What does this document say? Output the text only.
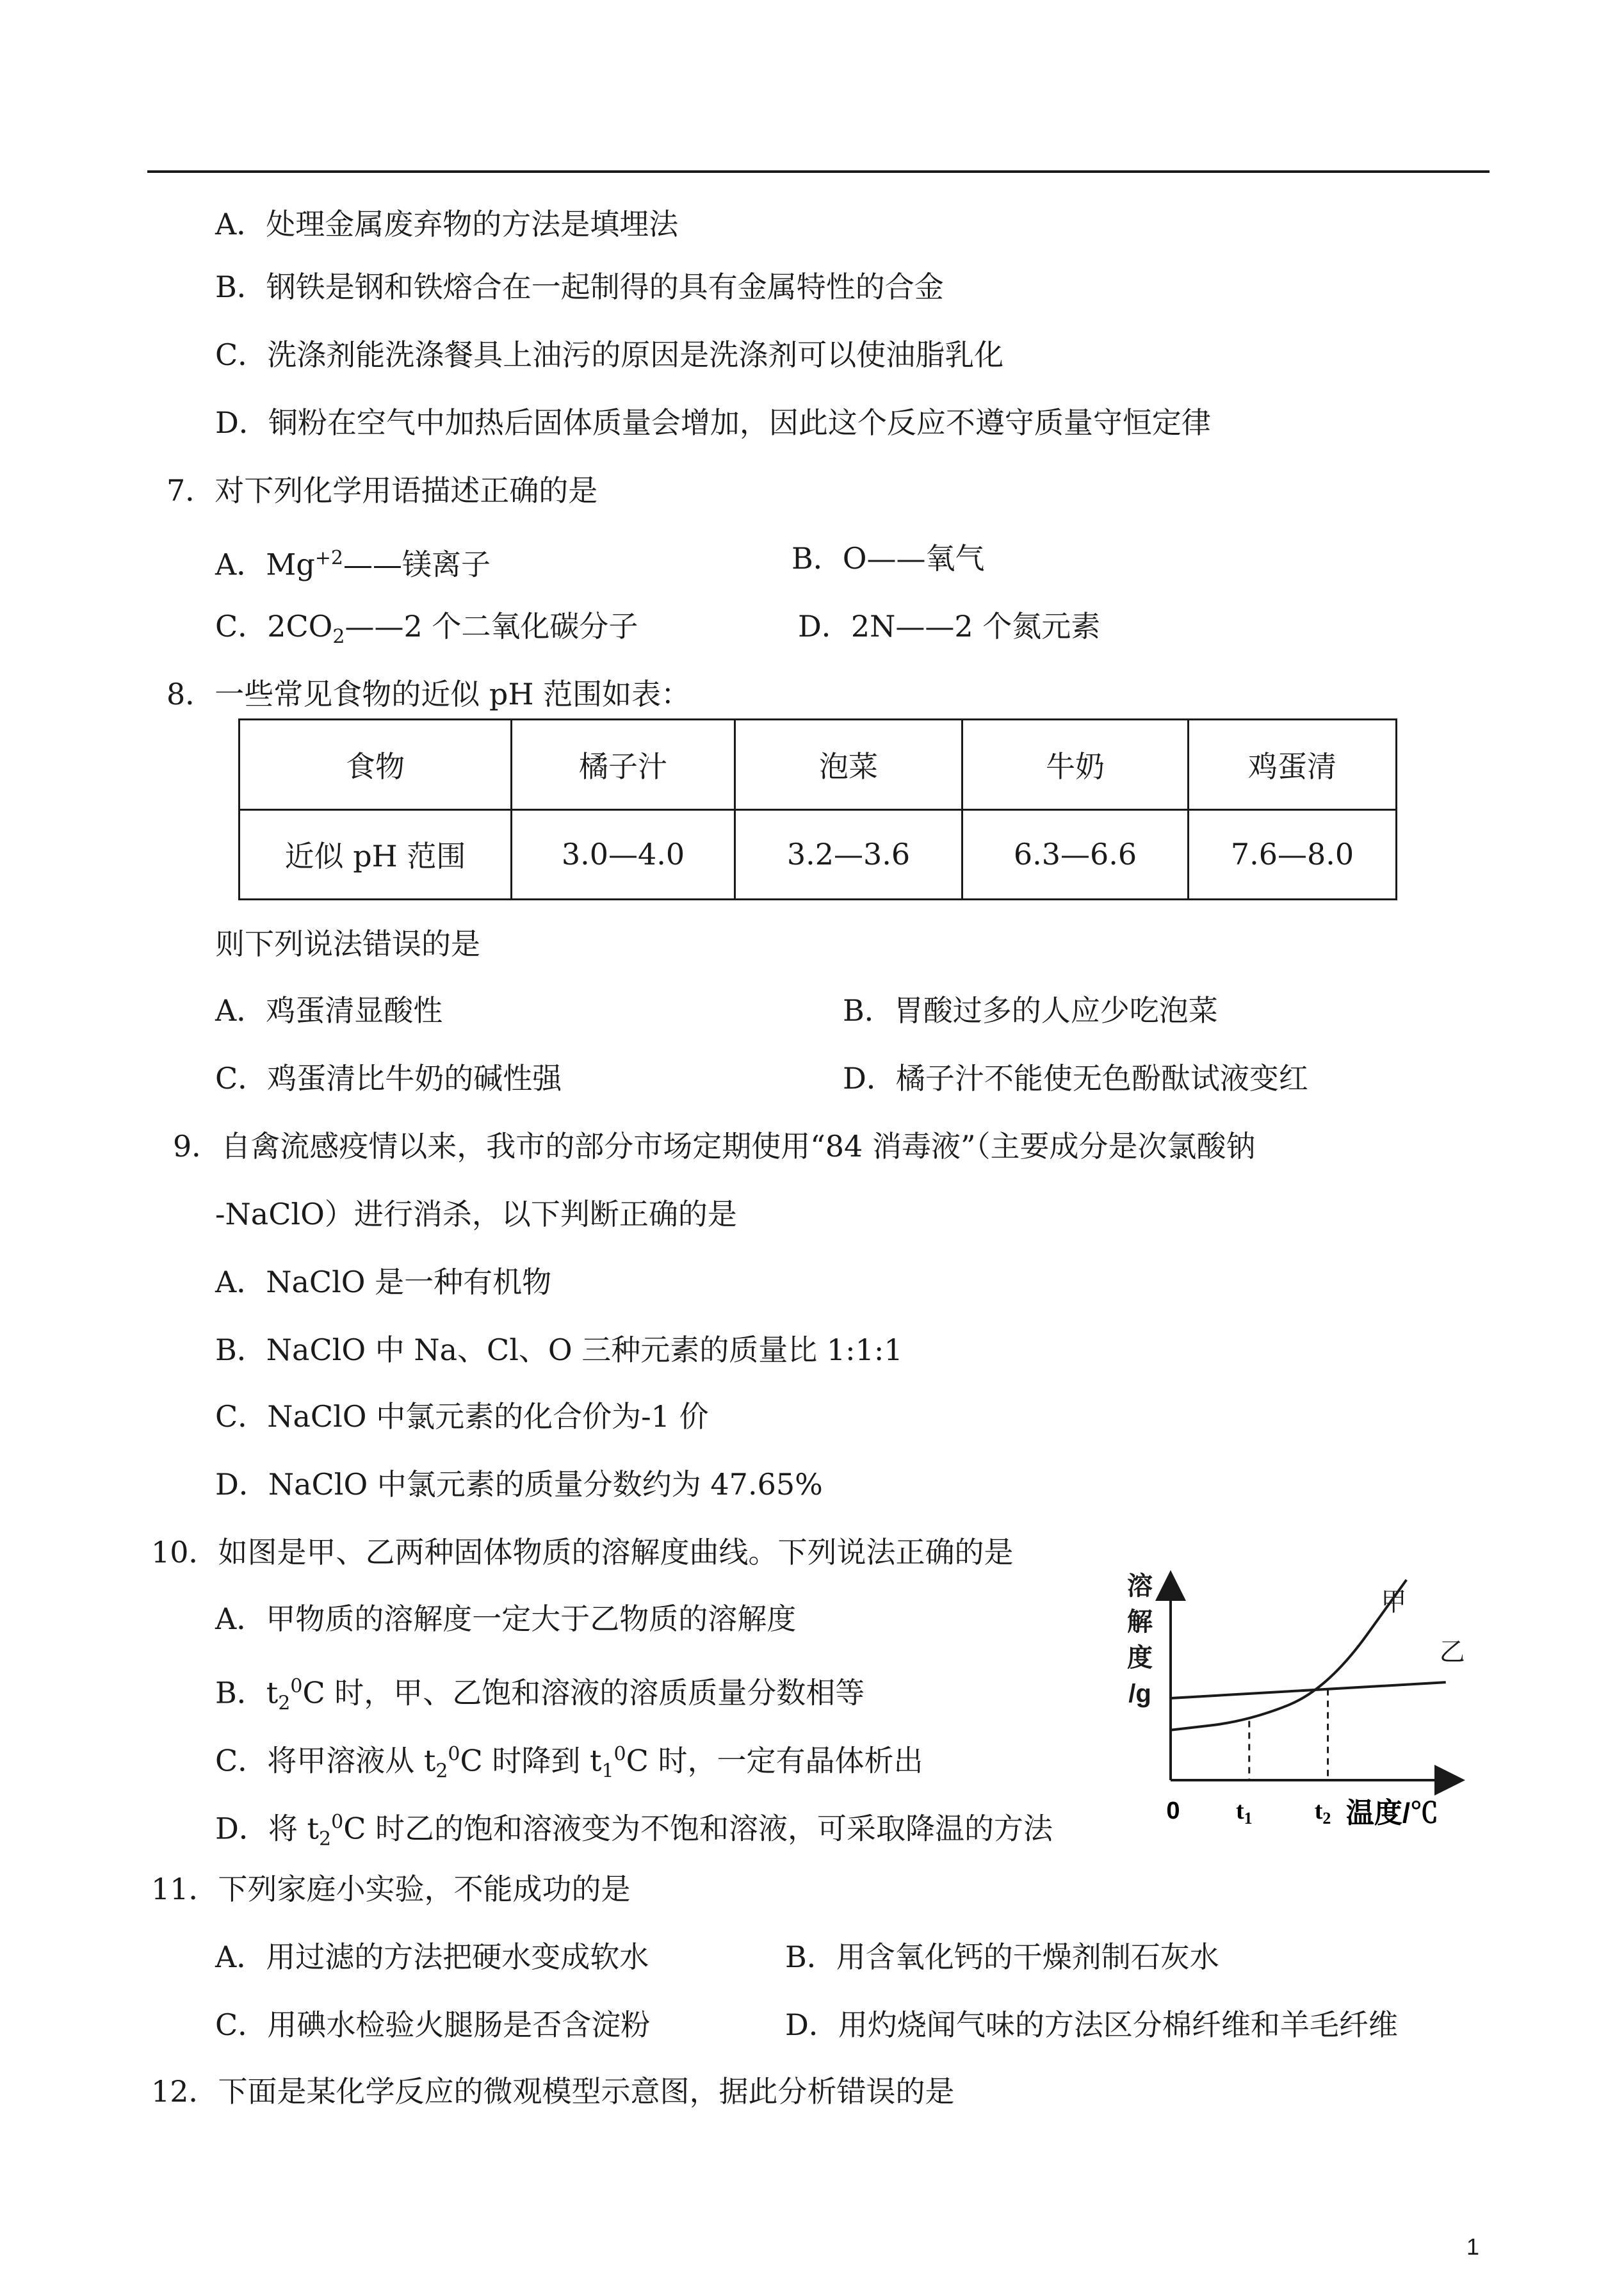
A．处理金属废弃物的方法是填埋法
B．钢铁是钢和铁熔合在一起制得的具有金属特性的合金
C．洗涤剂能洗涤餐具上油污的原因是洗涤剂可以使油脂乳化
D．铜粉在空气中加热后固体质量会增加，因此这个反应不遵守质量守恒定律
7．对下列化学用语描述正确的是
A．$Mg^{+2}——$镁离子	B．O——氧气
C．$2CO_2——2$ 个二氧化碳分子	D．2N——2 个氮元素
8．一些常见食物的近似 pH 范围如表：
食物	橘子汁	泡菜	牛奶	鸡蛋清
近似 pH 范围	3.0—4.0	3.2—3.6	6.3—6.6	7.6—8.0
则下列说法错误的是
A．鸡蛋清显酸性	B．胃酸过多的人应少吃泡菜
C．鸡蛋清比牛奶的碱性强	D．橘子汁不能使无色酚酞试液变红
9．自禽流感疫情以来，我市的部分市场定期使用“84 消毒液”（主要成分是次氯酸钠
-NaClO）进行消杀，以下判断正确的是
A．NaClO 是一种有机物
B．NaClO 中 Na、Cl、O 三种元素的质量比 1:1:1
C．NaClO 中氯元素的化合价为-1 价
D．NaClO 中氯元素的质量分数约为 47.65%
10．如图是甲、乙两种固体物质的溶解度曲线。下列说法正确的是
A．甲物质的溶解度一定大于乙物质的溶解度
B．$t_2^0C$ 时，甲、乙饱和溶液的溶质质量分数相等
C．将甲溶液从 $t_2^0C$ 时降到 $t_1^0C$ 时，一定有晶体析出
D．将 $t_2^0C$ 时乙的饱和溶液变为不饱和溶液，可采取降温的方法
溶
解
度
/g
0	温度/℃
甲
乙
$t_1$	$t_2$
11．下列家庭小实验，不能成功的是
A．用过滤的方法把硬水变成软水	B．用含氧化钙的干燥剂制石灰水
C．用碘水检验火腿肠是否含淀粉	D．用灼烧闻气味的方法区分棉纤维和羊毛纤维
12．下面是某化学反应的微观模型示意图，据此分析错误的是
1
